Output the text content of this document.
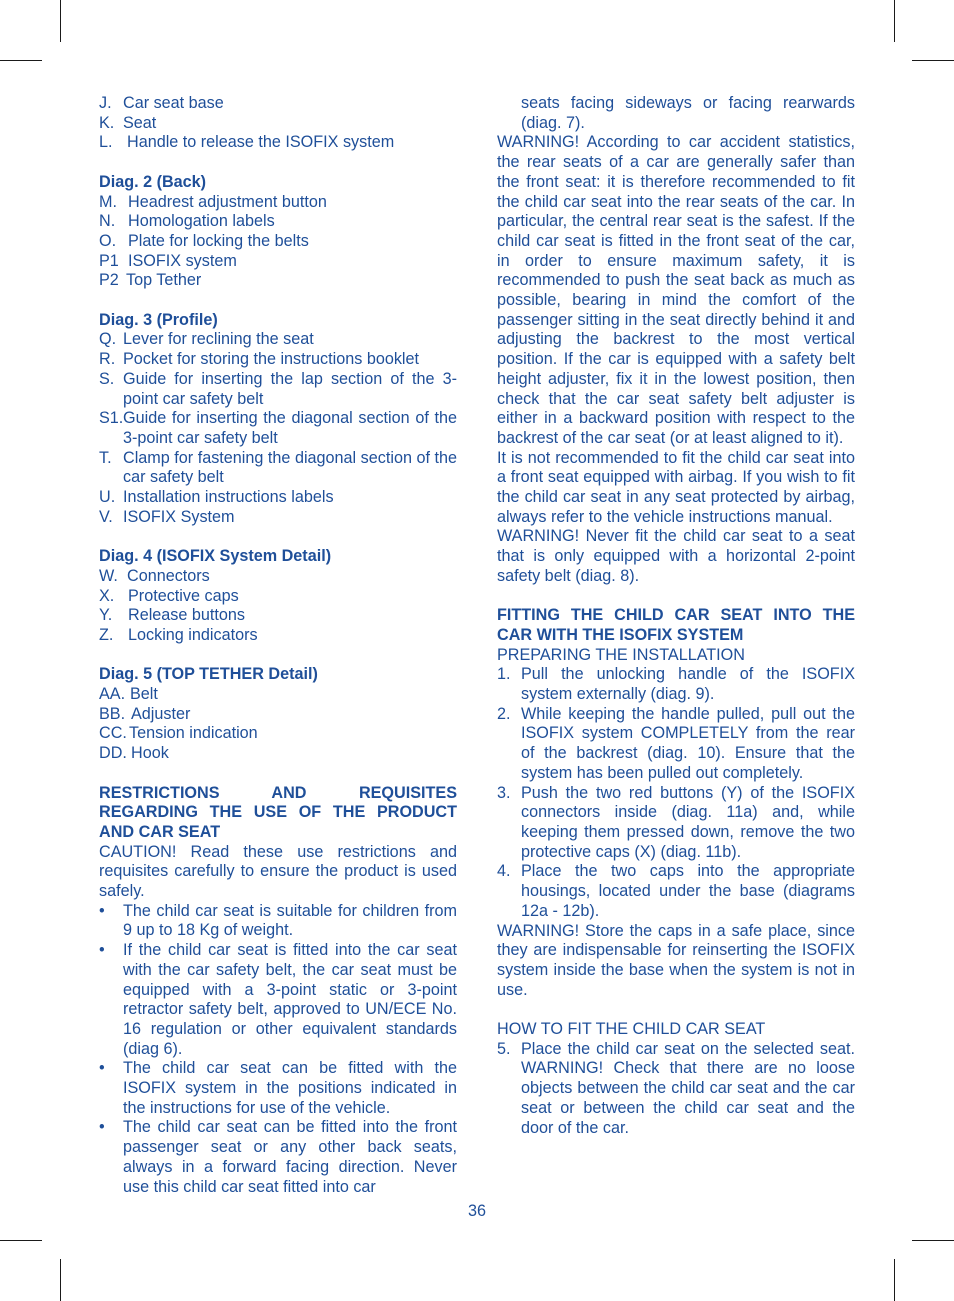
J. Car seat base
K. Seat
L. Handle to release the ISOFIX system
Diag. 2 (Back)
M. Headrest adjustment button
N. Homologation labels
O. Plate for locking the belts
P1 ISOFIX system
P2 Top Tether
Diag. 3 (Profile)
Q. Lever for reclining the seat
R. Pocket for storing the instructions booklet
S. Guide for inserting the lap section of the 3-point car safety belt
S1. Guide for inserting the diagonal section of the 3-point car safety belt
T. Clamp for fastening the diagonal section of the car safety belt
U. Installation instructions labels
V. ISOFIX System
Diag. 4 (ISOFIX System Detail)
W. Connectors
X. Protective caps
Y. Release buttons
Z. Locking indicators
Diag. 5 (TOP TETHER Detail)
AA. Belt
BB. Adjuster
CC. Tension indication
DD. Hook
RESTRICTIONS AND REQUISITES REGARDING THE USE OF THE PRODUCT AND CAR SEAT
CAUTION! Read these use restrictions and requisites carefully to ensure the product is used safely.
•	The child car seat is suitable for children from 9 up to 18 Kg of weight.
•	If the child car seat is fitted into the car seat with the car safety belt, the car seat must be equipped with a 3-point static or 3-point retractor safety belt, approved to UN/ECE No. 16 regulation or other equivalent standards (diag 6).
•	The child car seat can be fitted with the ISOFIX system in the positions indicated in the instructions for use of the vehicle.
•	The child car seat can be fitted into the front passenger seat or any other back seats, always in a forward facing direction. Never use this child car seat fitted into car
seats facing sideways or facing rearwards (diag. 7).
WARNING! According to car accident statistics, the rear seats of a car are generally safer than the front seat: it is therefore recommended to fit the child car seat into the rear seats of the car. In particular, the central rear seat is the safest. If the child car seat is fitted in the front seat of the car, in order to ensure maximum safety, it is recommended to push the seat back as much as possible, bearing in mind the comfort of the passenger sitting in the seat directly behind it and adjusting the backrest to the most vertical position. If the car is equipped with a safety belt height adjuster, fix it in the lowest position, then check that the car seat safety belt adjuster is either in a backward position with respect to the backrest of the car seat (or at least aligned to it).
It is not recommended to fit the child car seat into a front seat equipped with airbag. If you wish to fit the child car seat in any seat protected by airbag, always refer to the vehicle instructions manual.
WARNING! Never fit the child car seat to a seat that is only equipped with a horizontal 2-point safety belt (diag. 8).
FITTING THE CHILD CAR SEAT INTO THE CAR WITH THE ISOFIX SYSTEM
PREPARING THE INSTALLATION
1. Pull the unlocking handle of the ISOFIX system externally (diag. 9).
2. While keeping the handle pulled, pull out the ISOFIX system COMPLETELY from the rear of the backrest (diag. 10). Ensure that the system has been pulled out completely.
3. Push the two red buttons (Y) of the ISOFIX connectors inside (diag. 11a) and, while keeping them pressed down, remove the two protective caps (X) (diag. 11b).
4. Place the two caps into the appropriate housings, located under the base (diagrams 12a - 12b).
WARNING! Store the caps in a safe place, since they are indispensable for reinserting the ISOFIX system inside the base when the system is not in use.
HOW TO FIT THE CHILD CAR SEAT
5. Place the child car seat on the selected seat. WARNING! Check that there are no loose objects between the child car seat and the car seat or between the child car seat and the door of the car.
36
